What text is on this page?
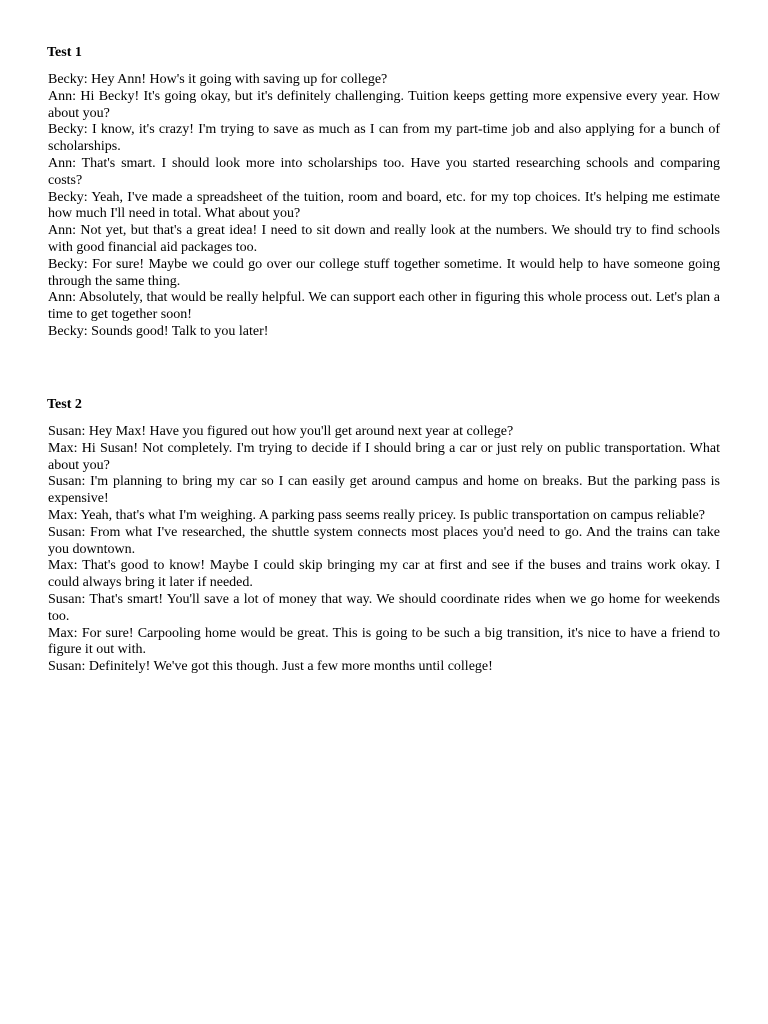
Test 1

Becky: Hey Ann! How's it going with saving up for college?

Ann: Hi Becky! It's going okay, but it's definitely challenging. Tuition keeps getting more expensive every year. How about you?

Becky: I know, it's crazy! I'm trying to save as much as I can from my part-time job and also applying for a bunch of scholarships.

Ann: That's smart. I should look more into scholarships too. Have you started researching schools and comparing costs?

Becky: Yeah, I've made a spreadsheet of the tuition, room and board, etc. for my top choices. It's helping me estimate how much I'll need in total. What about you?

Ann: Not yet, but that's a great idea! I need to sit down and really look at the numbers. We should try to find schools with good financial aid packages too.

Becky: For sure! Maybe we could go over our college stuff together sometime. It would help to have someone going through the same thing.

Ann: Absolutely, that would be really helpful. We can support each other in figuring this whole process out. Let's plan a time to get together soon!

Becky: Sounds good! Talk to you later!

Test 2

Susan: Hey Max! Have you figured out how you'll get around next year at college?

Max: Hi Susan! Not completely. I'm trying to decide if I should bring a car or just rely on public transportation. What about you?

Susan: I'm planning to bring my car so I can easily get around campus and home on breaks. But the parking pass is expensive!

Max: Yeah, that's what I'm weighing. A parking pass seems really pricey. Is public transportation on campus reliable?

Susan: From what I've researched, the shuttle system connects most places you'd need to go. And the trains can take you downtown.

Max: That's good to know! Maybe I could skip bringing my car at first and see if the buses and trains work okay. I could always bring it later if needed.

Susan: That's smart! You'll save a lot of money that way. We should coordinate rides when we go home for weekends too.

Max: For sure! Carpooling home would be great. This is going to be such a big transition, it's nice to have a friend to figure it out with.

Susan: Definitely! We've got this though. Just a few more months until college!
